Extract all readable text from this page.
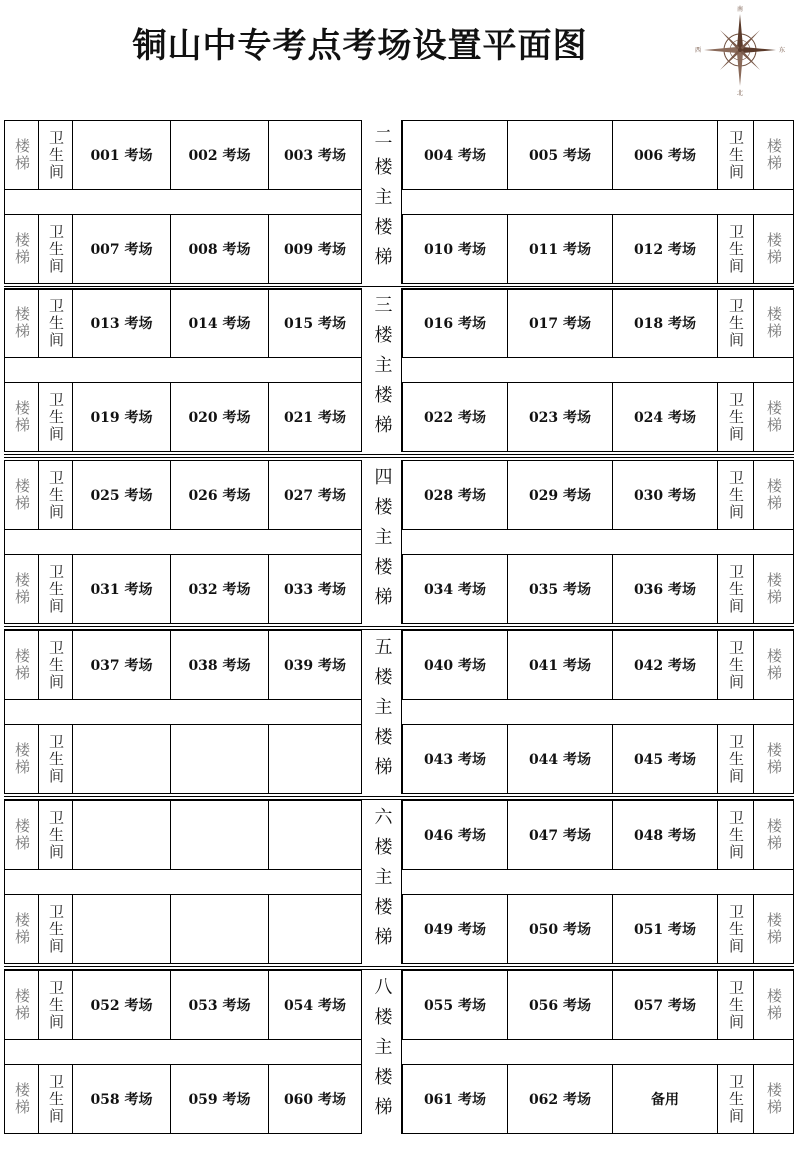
铜山中专考点考场设置平面图
南
北
东
西
楼梯 卫生间 001 考场	002 考场 003 考场	004 考场	005 考场	006 考场 卫生间 楼梯
楼梯 卫生间 007 考场	008 考场 009 考场	010 考场	011 考场	012 考场 卫生间 楼梯
二楼主楼梯
楼梯 卫生间 013 考场	014 考场 015 考场	016 考场	017 考场	018 考场 卫生间 楼梯
楼梯 卫生间 019 考场	020 考场 021 考场	022 考场	023 考场	024 考场 卫生间 楼梯
三楼主楼梯
楼梯 卫生间 025 考场	026 考场 027 考场	028 考场	029 考场	030 考场 卫生间 楼梯
楼梯 卫生间 031 考场	032 考场 033 考场	034 考场	035 考场	036 考场 卫生间 楼梯
四楼主楼梯
楼梯 卫生间 037 考场	038 考场 039 考场	040 考场	041 考场	042 考场 卫生间 楼梯
楼梯 卫生间	043 考场	044 考场	045 考场 卫生间 楼梯
五楼主楼梯
楼梯 卫生间	046 考场	047 考场	048 考场 卫生间 楼梯
楼梯 卫生间	049 考场	050 考场	051 考场 卫生间 楼梯
六楼主楼梯
楼梯 卫生间 052 考场	053 考场 054 考场	055 考场	056 考场	057 考场 卫生间 楼梯
楼梯 卫生间 058 考场	059 考场 060 考场	061 考场	062 考场	备用	卫生间 楼梯
八楼主楼梯
